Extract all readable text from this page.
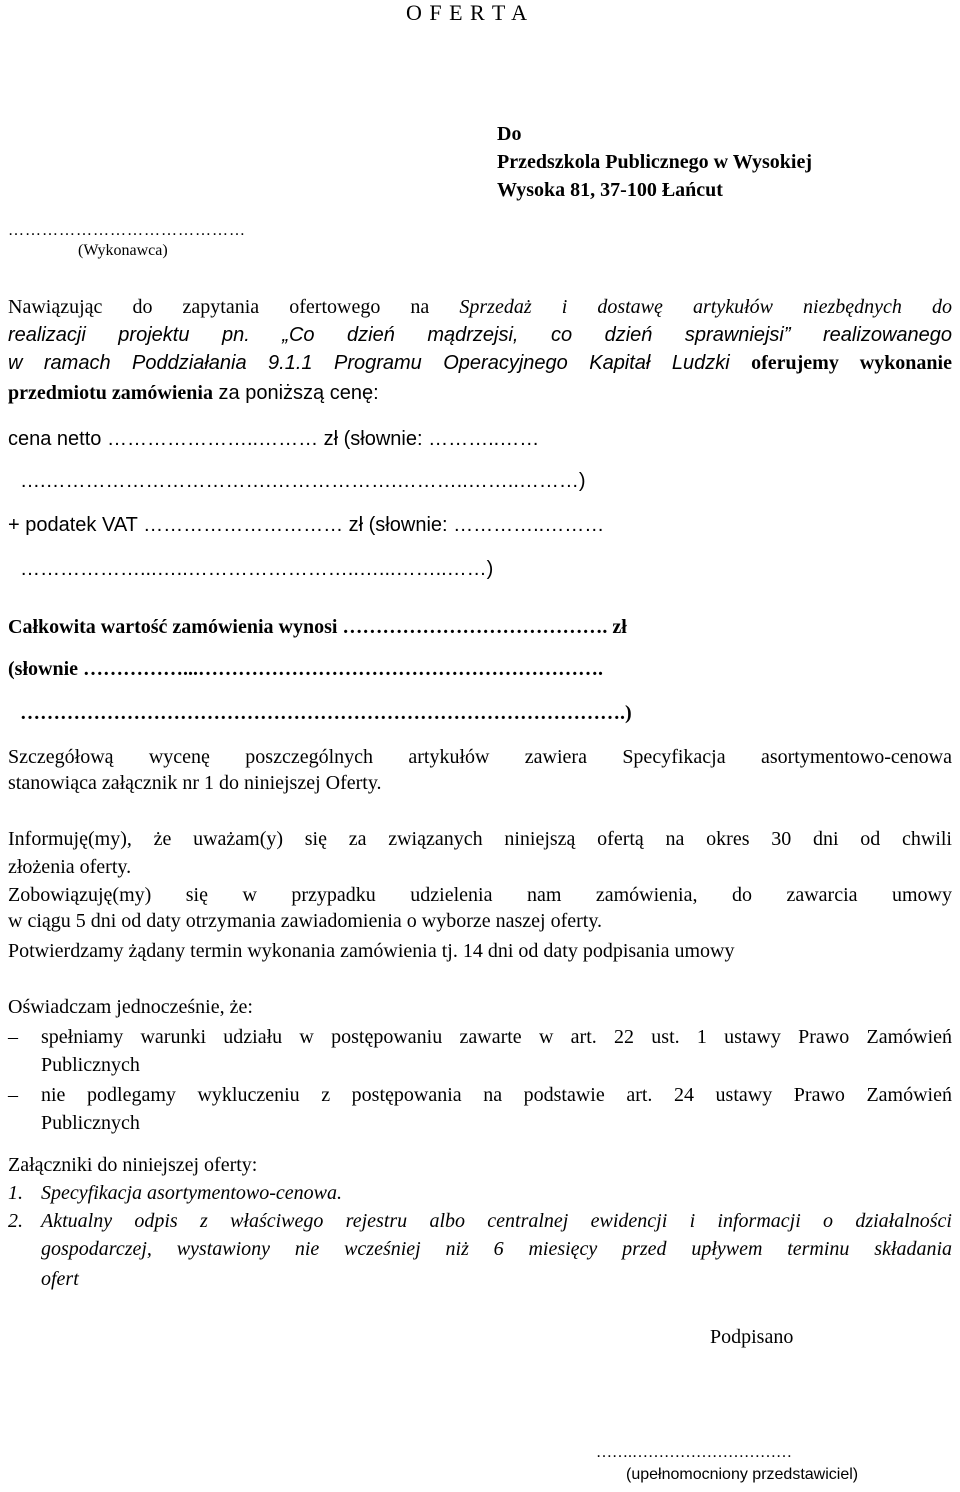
O F E R T A
Do
Przedszkola Publicznego w Wysokiej
Wysoka 81, 37-100 Łańcut
……………………………………
(Wykonawca)
Nawiązując do zapytania ofertowego na Sprzedaż i dostawę artykułów niezbędnych do
realizacji projektu pn. „Co dzień mądrzejsi, co dzień sprawniejsi” realizowanego
w ramach Poddziałania 9.1.1 Programu Operacyjnego Kapitał Ludzki oferujemy wykonanie
przedmiotu zamówienia za poniższą cenę:
cena netto …………………..……… zł (słownie: ………..……
….…………………………….……………….………..……..………)
+ podatek VAT ………………………… zł (słownie: …………..………
………………...…..……………………..…...……..……)
Całkowita wartość zamówienia wynosi …………………………………. zł
(słownie ……………...…………………………………………………….
……………………………………………………………………………….)
Szczegółową wycenę poszczególnych artykułów zawiera Specyfikacja asortymentowo-cenowa
stanowiąca załącznik nr 1 do niniejszej Oferty.
Informuję(my), że uważam(y) się za związanych niniejszą ofertą na okres 30 dni od chwili
złożenia oferty.
Zobowiązuję(my) się w przypadku udzielenia nam zamówienia, do zawarcia umowy
w ciągu 5 dni od daty otrzymania zawiadomienia o wyborze naszej oferty.
Potwierdzamy żądany termin wykonania zamówienia tj. 14 dni od daty podpisania umowy
Oświadczam jednocześnie, że:
– spełniamy warunki udziału w postępowaniu zawarte w art. 22 ust. 1 ustawy Prawo Zamówień
Publicznych
– nie podlegamy wykluczeniu z postępowania na podstawie art. 24 ustawy Prawo Zamówień
Publicznych
Załączniki do niniejszej oferty:
1. Specyfikacja asortymentowo-cenowa.
2. Aktualny odpis z właściwego rejestru albo centralnej ewidencji i informacji o działalności
gospodarczej, wystawiony nie wcześniej niż 6 miesięcy przed upływem terminu składania
ofert
Podpisano
…….…………………………
(upełnomocniony przedstawiciel)
